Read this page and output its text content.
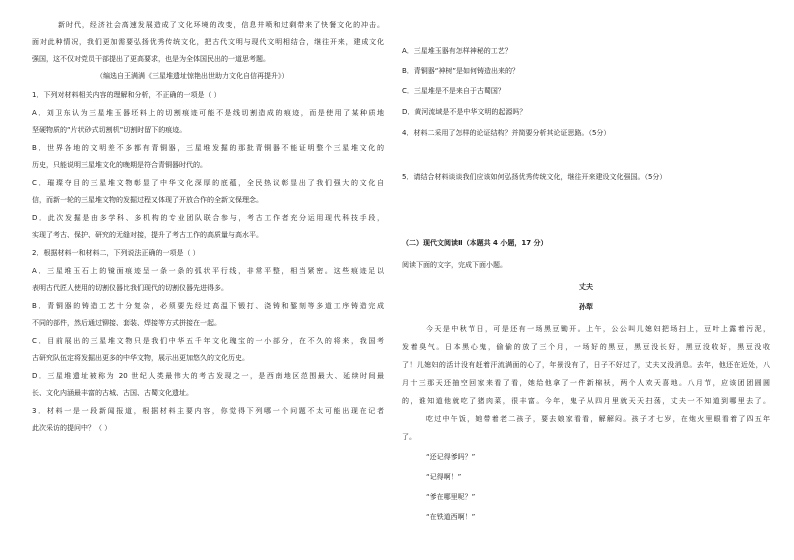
新时代，经济社会高速发展造成了文化环境的改变，信息井喷和过剩带来了快餐文化的冲击。
面对此种情况，我们更加需要弘扬优秀传统文化，把古代文明与现代文明相结合，继往开来，建成文化
强国，这不仅对党员干部提出了更高要求，也是为全体国民出的一道思考题。
（编选自王满满《三星堆遗址惊艳出世助力文化自信再提升》）
1．下列对材料相关内容的理解和分析，不正确的一项是（ ）
A．刘卫东认为三星堆玉器坯料上的切割痕迹可能不是线切割造成的痕迹，而是使用了某种质地
坚硬物质的“片状砂式切割机”切割时留下的痕迹。
B．世界各地的文明差不多都有青铜器，三星堆发掘的那批青铜器不能证明整个三星堆文化的
历史，只能说明三星堆文化的晚期是符合青铜器时代的。
C．璀璨夺目的三星堆文物彰显了中华文化深厚的底蕴，全民热议彰显出了我们强大的文化自
信，而新一轮的三星堆文物的发掘过程又体现了开放合作的全新文保理念。
D．此次发掘是由多学科、多机构的专业团队联合参与，考古工作者充分运用现代科技手段，
实现了考古、保护、研究的无缝对接，提升了考古工作的高质量与高水平。
2．根据材料一和材料二，下列说法正确的一项是（ ）
A．三星堆玉石上的镜面痕迹呈一条一条的弧状平行线，非常平整，相当紧密。这些痕迹足以
表明古代匠人使用的切割仪器比我们现代的切割仪器先进得多。
B．青铜器的铸造工艺十分复杂，必须要先经过高温下锻打、浇铸和錾刻等多道工序铸造完成
不同的部件，然后通过铆接、套装、焊接等方式拼接在一起。
C．目前展出的三星堆文物只是我们中华五千年文化瑰宝的一小部分，在不久的将来，我国考
古研究队伍定将发掘出更多的中华文物，展示出更加悠久的文化历史。
D．三星堆遗址被称为 20 世纪人类最伟大的考古发现之一，是西南地区范围最大、延续时间最
长、文化内涵最丰富的古城、古国、古蜀文化遗址。
3．材料一是一段新闻报道，根据材料主要内容，你觉得下列哪一个问题不太可能出现在记者
此次采访的提问中？（ ）
A．三星堆玉器有怎样神秘的工艺？
B．青铜器“神树”是如何铸造出来的？
C．三星堆是不是来自于古蜀国？
D．黄河流域是不是中华文明的起源吗？
4．材料二采用了怎样的论证结构？并简要分析其论证思路。（5分）
5．请结合材料谈谈我们应该如何弘扬优秀传统文化，继往开来建设文化强国。（5分）
（二）现代文阅读Ⅱ（本题共 4 小题，17 分）
阅读下面的文字，完成下面小题。
丈夫
孙犁
今天是中秋节日，可是还有一场黑豆锄开。上午，公公叫儿媳妇把场扫上，豆叶上露着污泥，
发着臭气。日本黑心鬼，偷偷的放了三个月，一场好的黑豆，黑豆没长好，黑豆没收好，黑豆没收
了！儿媳妇的活计没有赶着汗流满面的心了，年景没有了，日子不好过了，丈夫又没消息。去年，他还在近处，八
月十三那天还抽空回家来看了看，她给他拿了一件新棉袄，两个人欢天喜地。八月节，应该团团圆圆
的，谁知道他就吃了猪肉菜，很丰富。今年，鬼子从四月里就天天扫荡，丈夫一不知道到哪里去了。
吃过中午饭，她带着老二孩子，要去娘家看看，解解闷。孩子才七岁，在炮火里眼看着了四五年
了。
“还记得爹吗？”
“记得啊！”
“爹在哪里呢？”
“在铁道西啊！”
